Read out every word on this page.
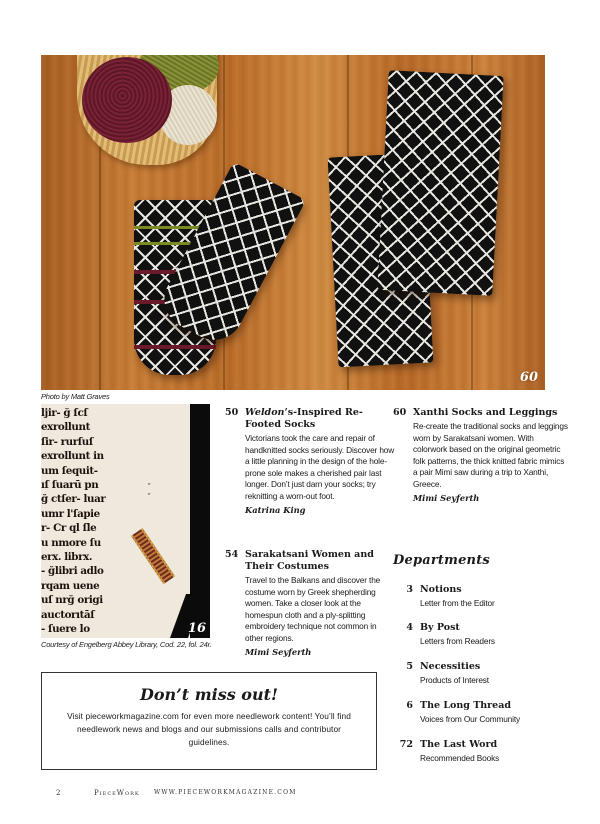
60
Photo by Matt Graves
ljir- ğ ſcſ
exrollunt
ſir- rurſuſ
exrollunt in
um ſequit-
ıſ ſuarū pn
ğ ctſer- luar
umr l'ſapie
r- Cr ql ſle
u nmore ſu
erx. librx.
- ğlibri adlo
rqam uene
uſ nrğ origi
auctorıtāſ
- ſuere lo
″
″
16
Courtesy of Engelberg Abbey Library, Cod. 22, fol. 24r.
50 Weldon’s-Inspired Re-Footed Socks
Victorians took the care and repair of handknitted socks seriously. Discover how a little planning in the design of the hole-prone sole makes a cherished pair last longer. Don’t just darn your socks; try reknitting a worn-out foot.
Katrina King
54 Sarakatsani Women and Their Costumes
Travel to the Balkans and discover the costume worn by Greek shepherding women. Take a closer look at the homespun cloth and a ply-splitting embroidery technique not common in other regions.
Mimi Seyferth
60 Xanthi Socks and Leggings
Re-create the traditional socks and leggings worn by Sarakatsani women. With colorwork based on the original geometric folk patterns, the thick knitted fabric mimics a pair Mimi saw during a trip to Xanthi, Greece.
Mimi Seyferth
Departments
3 Notions
Letter from the Editor
4 By Post
Letters from Readers
5 Necessities
Products of Interest
6 The Long Thread
Voices from Our Community
72 The Last Word
Recommended Books
Don’t miss out!
Visit pieceworkmagazine.com for even more needlework content! You’ll find needlework news and blogs and our submissions calls and contributor guidelines.
2	PieceWork WWW.PIECEWORKMAGAZINE.COM
